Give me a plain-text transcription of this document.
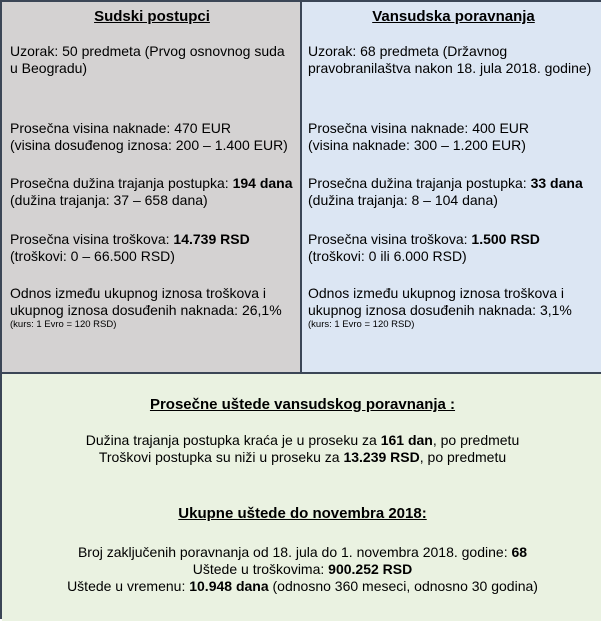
Sudski postupci
Uzorak: 50 predmeta (Prvog osnovnog suda u Beogradu)
Prosečna visina naknade: 470 EUR
(visina dosuđenog iznosa: 200 – 1.400 EUR)
Prosečna dužina trajanja postupka: 194 dana (dužina trajanja: 37 – 658 dana)
Prosečna visina troškova: 14.739 RSD
(troškovi: 0 – 66.500 RSD)
Odnos između ukupnog iznosa troškova i ukupnog iznosa dosuđenih naknada: 26,1%
(kurs: 1 Evro = 120 RSD)
Vansudska poravnanja
Uzorak: 68 predmeta (Državnog pravobranilaštva nakon 18. jula 2018. godine)
Prosečna visina naknade: 400 EUR
(visina naknade: 300 – 1.200 EUR)
Prosečna dužina trajanja postupka: 33 dana
(dužina trajanja: 8 – 104 dana)
Prosečna visina troškova: 1.500 RSD
(troškovi: 0 ili 6.000 RSD)
Odnos između ukupnog iznosa troškova i ukupnog iznosa dosuđenih naknada: 3,1%
(kurs: 1 Evro = 120 RSD)
Prosečne uštede vansudskog poravnanja :
Dužina trajanja postupka kraća je u proseku za 161 dan, po predmetu
Troškovi postupka su niži u proseku za 13.239 RSD, po predmetu
Ukupne uštede do novembra 2018:
Broj zaključenih poravnanja od 18. jula do 1. novembra 2018. godine: 68
Uštede u troškovima: 900.252 RSD
Uštede u vremenu: 10.948 dana (odnosno 360 meseci, odnosno 30 godina)
